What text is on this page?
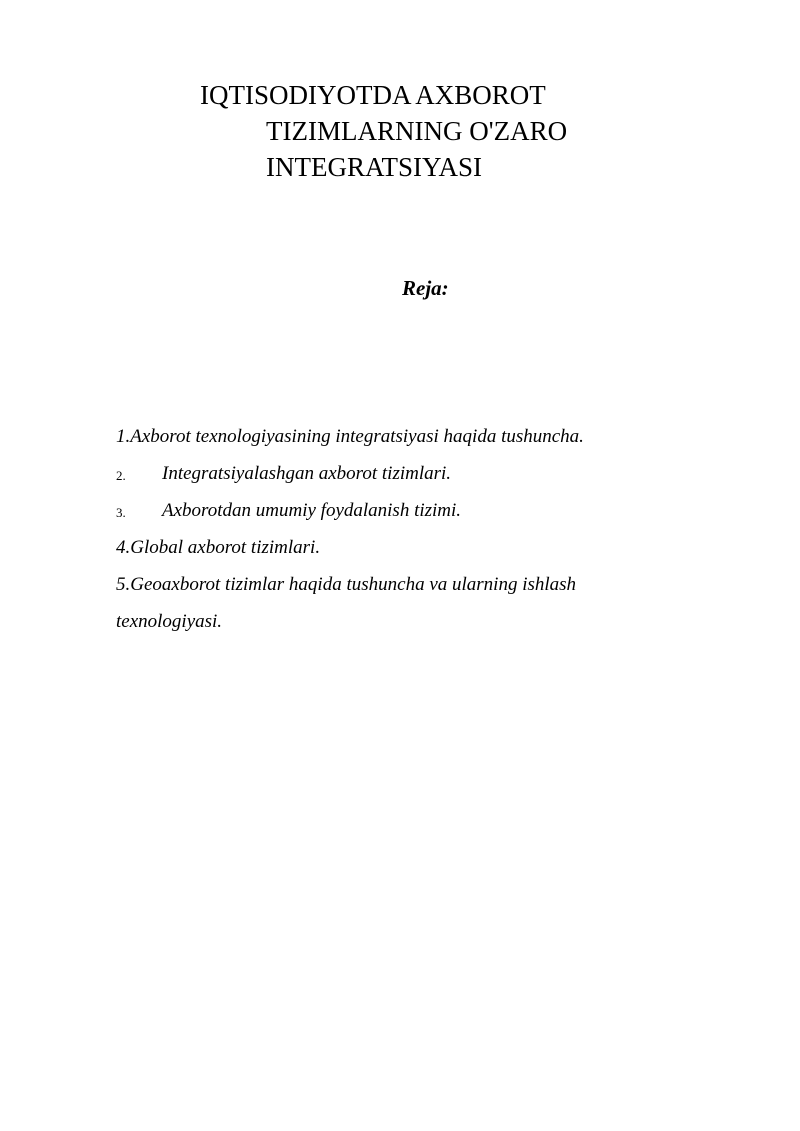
IQTISODIYOTDA AXBOROT
TIZIMLARNING O'ZARO
INTEGRATSIYASI
Reja:
1.Axborot texnologiyasining integratsiyasi haqida tushuncha.
2. Integratsiyalashgan axborot tizimlari.
3. Axborotdan umumiy foydalanish tizimi.
4.Global axborot tizimlari.
5.Geoaxborot tizimlar haqida tushuncha va ularning ishlash
texnologiyasi.
